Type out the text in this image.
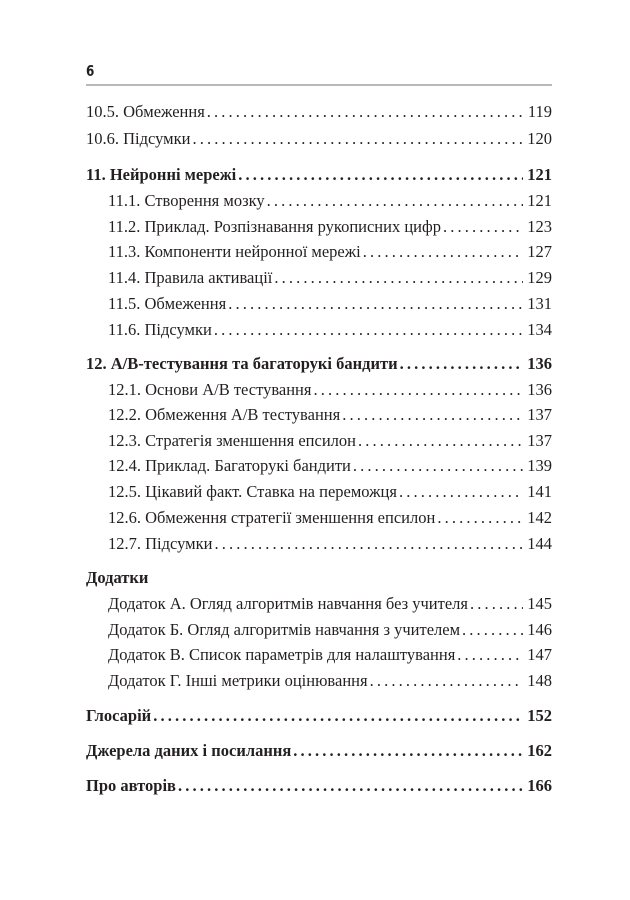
6
10.5. Обмеження . . .	119
10.6. Підсумки . . .	120
11. Нейронні мережі . . .	121
11.1. Створення мозку . . .	121
11.2. Приклад. Розпізнавання рукописних цифр . . .	123
11.3. Компоненти нейронної мережі . . .	127
11.4. Правила активації . . .	129
11.5. Обмеження . . .	131
11.6. Підсумки . . .	134
12. А/В-тестування та багаторукі бандити . . .	136
12.1. Основи А/В тестування . . .	136
12.2. Обмеження А/В тестування . . .	137
12.3. Стратегія зменшення епсилон . . .	137
12.4. Приклад. Багаторукі бандити . . .	139
12.5. Цікавий факт. Ставка на переможця . . .	141
12.6. Обмеження стратегії зменшення епсилон . . .	142
12.7. Підсумки . . .	144
Додатки
Додаток А. Огляд алгоритмів навчання без учителя . . .	145
Додаток Б. Огляд алгоритмів навчання з учителем . . .	146
Додаток В. Список параметрів для налаштування . . .	147
Додаток Г. Інші метрики оцінювання . . .	148
Глосарій . . .	152
Джерела даних і посилання . . .	162
Про авторів . . .	166
